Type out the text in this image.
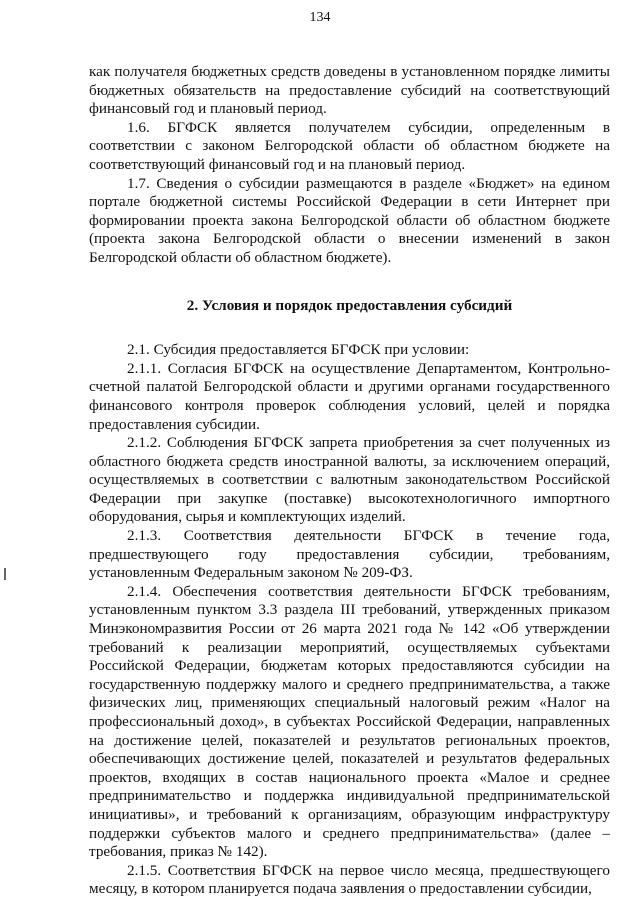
134

как получателя бюджетных средств доведены в установленном порядке лимиты бюджетных обязательств на предоставление субсидий на соответствующий финансовый год и плановый период.

1.6. БГФСК является получателем субсидии, определенным в соответствии с законом Белгородской области об областном бюджете на соответствующий финансовый год и на плановый период.

1.7. Сведения о субсидии размещаются в разделе «Бюджет» на едином портале бюджетной системы Российской Федерации в сети Интернет при формировании проекта закона Белгородской области об областном бюджете (проекта закона Белгородской области о внесении изменений в закон Белгородской области об областном бюджете).

2. Условия и порядок предоставления субсидий

2.1. Субсидия предоставляется БГФСК при условии:

2.1.1. Согласия БГФСК на осуществление Департаментом, Контрольно-счетной палатой Белгородской области и другими органами государственного финансового контроля проверок соблюдения условий, целей и порядка предоставления субсидии.

2.1.2. Соблюдения БГФСК запрета приобретения за счет полученных из областного бюджета средств иностранной валюты, за исключением операций, осуществляемых в соответствии с валютным законодательством Российской Федерации при закупке (поставке) высокотехнологичного импортного оборудования, сырья и комплектующих изделий.

2.1.3. Соответствия деятельности БГФСК в течение года, предшествующего году предоставления субсидии, требованиям, установленным Федеральным законом № 209-ФЗ.

2.1.4. Обеспечения соответствия деятельности БГФСК требованиям, установленным пунктом 3.3 раздела III требований, утвержденных приказом Минэкономразвития России от 26 марта 2021 года № 142 «Об утверждении требований к реализации мероприятий, осуществляемых субъектами Российской Федерации, бюджетам которых предоставляются субсидии на государственную поддержку малого и среднего предпринимательства, а также физических лиц, применяющих специальный налоговый режим «Налог на профессиональный доход», в субъектах Российской Федерации, направленных на достижение целей, показателей и результатов региональных проектов, обеспечивающих достижение целей, показателей и результатов федеральных проектов, входящих в состав национального проекта «Малое и среднее предпринимательство и поддержка индивидуальной предпринимательской инициативы», и требований к организациям, образующим инфраструктуру поддержки субъектов малого и среднего предпринимательства» (далее – требования, приказ № 142).

2.1.5. Соответствия БГФСК на первое число месяца, предшествующего месяцу, в котором планируется подача заявления о предоставлении субсидии,
